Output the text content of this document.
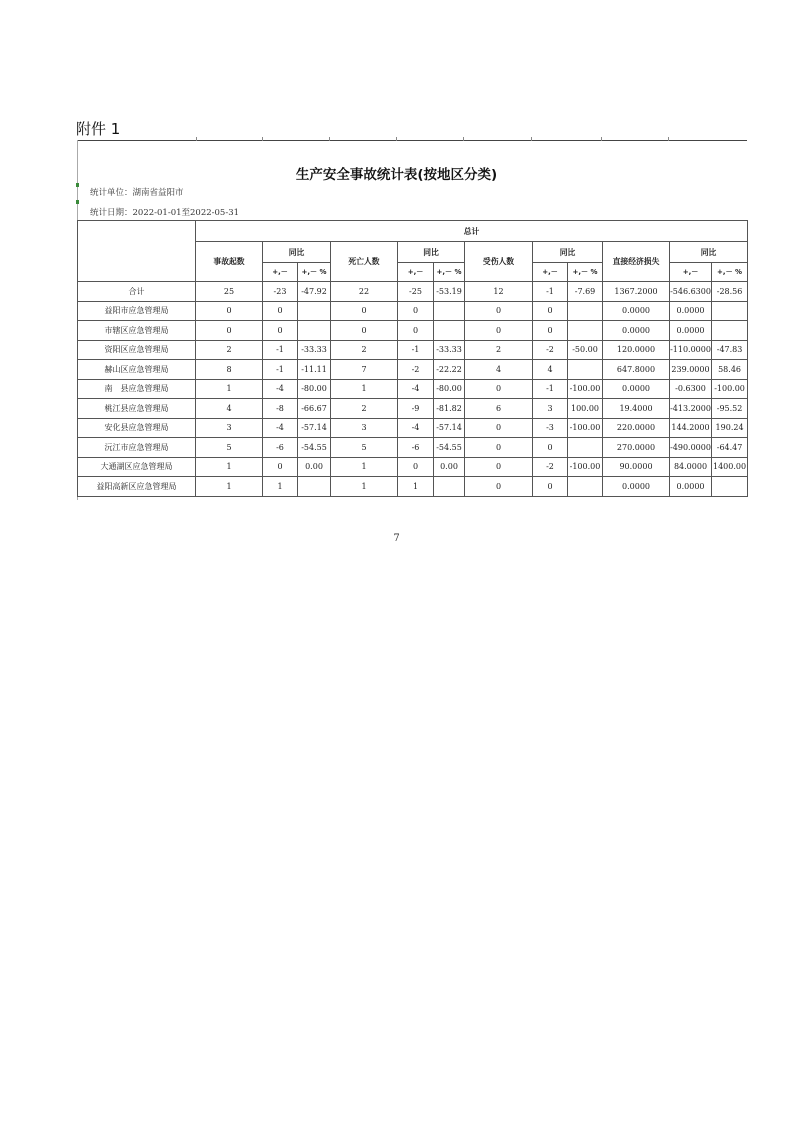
附件 1
生产安全事故统计表(按地区分类)
统计单位：湖南省益阳市
统计日期：2022-01-01至2022-05-31
	总计											
	事故起数	同比		死亡人数	同比		受伤人数	同比		直接经济损失	同比	
		+,－	+,－ %		+,－	+,－ %		+,－	+,－ %		+,－	+,－ %
合计	25	-23	-47.92	22	-25	-53.19	12	-1	-7.69	1367.2000	-546.6300	-28.56
益阳市应急管理局	0	0		0	0		0	0		0.0000	0.0000	
市辖区应急管理局	0	0		0	0		0	0		0.0000	0.0000	
资阳区应急管理局	2	-1	-33.33	2	-1	-33.33	2	-2	-50.00	120.0000	-110.0000	-47.83
赫山区应急管理局	8	-1	-11.11	7	-2	-22.22	4	4		647.8000	239.0000	58.46
南　县应急管理局	1	-4	-80.00	1	-4	-80.00	0	-1	-100.00	0.0000	-0.6300	-100.00
桃江县应急管理局	4	-8	-66.67	2	-9	-81.82	6	3	100.00	19.4000	-413.2000	-95.52
安化县应急管理局	3	-4	-57.14	3	-4	-57.14	0	-3	-100.00	220.0000	144.2000	190.24
沅江市应急管理局	5	-6	-54.55	5	-6	-54.55	0	0		270.0000	-490.0000	-64.47
大通湖区应急管理局	1	0	0.00	1	0	0.00	0	-2	-100.00	90.0000	84.0000	1400.00
益阳高新区应急管理局	1	1		1	1		0	0		0.0000	0.0000	
7
